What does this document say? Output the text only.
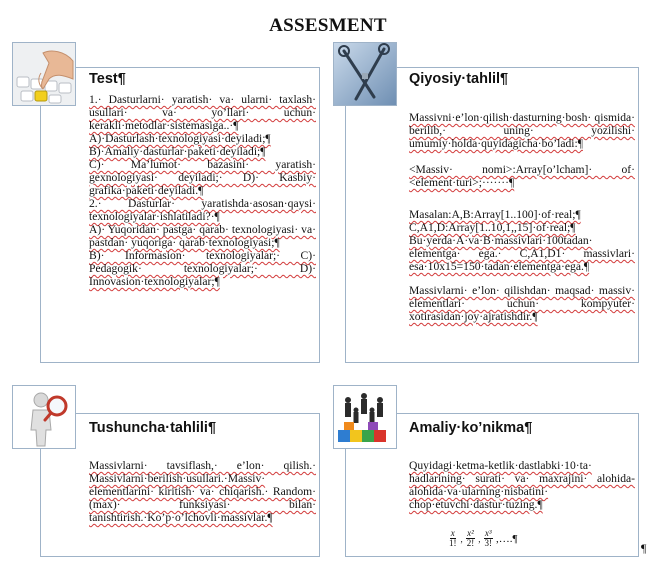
ASSESMENT
Test¶

1.· Dasturlarni· yaratish· va· ularni· taxlash· usullari· va· yo’llari· uchun· kerakli·metodlar·sistemasiga..·¶

A)·Dasturlash·texnologiyasi·deyiladi;¶

B)·Amaliy·dasturlar·paketi·deyiladi;¶

C)· Ma’lumot· bazasini· yaratish· gexnologiyasi· deyiladi;· D)· Kasbiy· grafika·paketi·deyiladi.¶

2.· Dasturlar· yaratishda·asosan·qaysi· texnologiyalar·ishlatiladi?·¶

A)· Yuqoridan· pastga· qarab· texnologiyasi· va· pastdan· yuqoriga· qarab·texnologiyasi;¶

B)· Informasion· texnologiyalar;· C)· Pedagogik· texnologiyalar;· D)· Innovasion·texnologiyalar;¶

Qiyosiy·tahlil¶

Massivni·e’lon·qilish·dasturning·bosh· qismida· berilib,· uning· yozilishi· umumiy·holda·quyidagicha·bo’ladi:¶

<Massiv· nomi>:Array[o’lcham]· of· <element·turi>;·······¶

Masalan:A,B:Array[1..100]·of·real;¶

C,A1,D:Array[1..10,1,,15]·of·real;¶

Bu·yerda·A·va·B·massivlari·100tadan· elementga· ega.· C,A1,D1· massivlari· esa·10x15=150·tadan·elementga·ega.¶

Massivlarni· e’lon· qilishdan· maqsad· massiv· elementlari· uchun· kompyuter· xotirasidan·joy·ajratishdir.¶

Tushuncha·tahlili¶

Massivlarni· tavsiflash,· e’lon· qilish.· Massivlarni·berilish·usullari.·Massiv· elementlarini· kiritish· va· chiqarish.· Random· (max)· funksiyasi· bilan· tanishtirish.·Ko’p·o’lchovli·massivlar.¶

Amaliy·ko’nikma¶

Quyidagi·ketma-ketlik·dastlabki·10·ta· hadlarining· surati· va· maxrajini· alohida-alohida·va·ularning·nisbatini· chop·etuvchi·dastur·tuzing.¶

$\frac{x}{1!}$ , $\frac{\text{x²}}{2!}$ , $\frac{\text{x³}}{3!}$ ,….¶
¶
